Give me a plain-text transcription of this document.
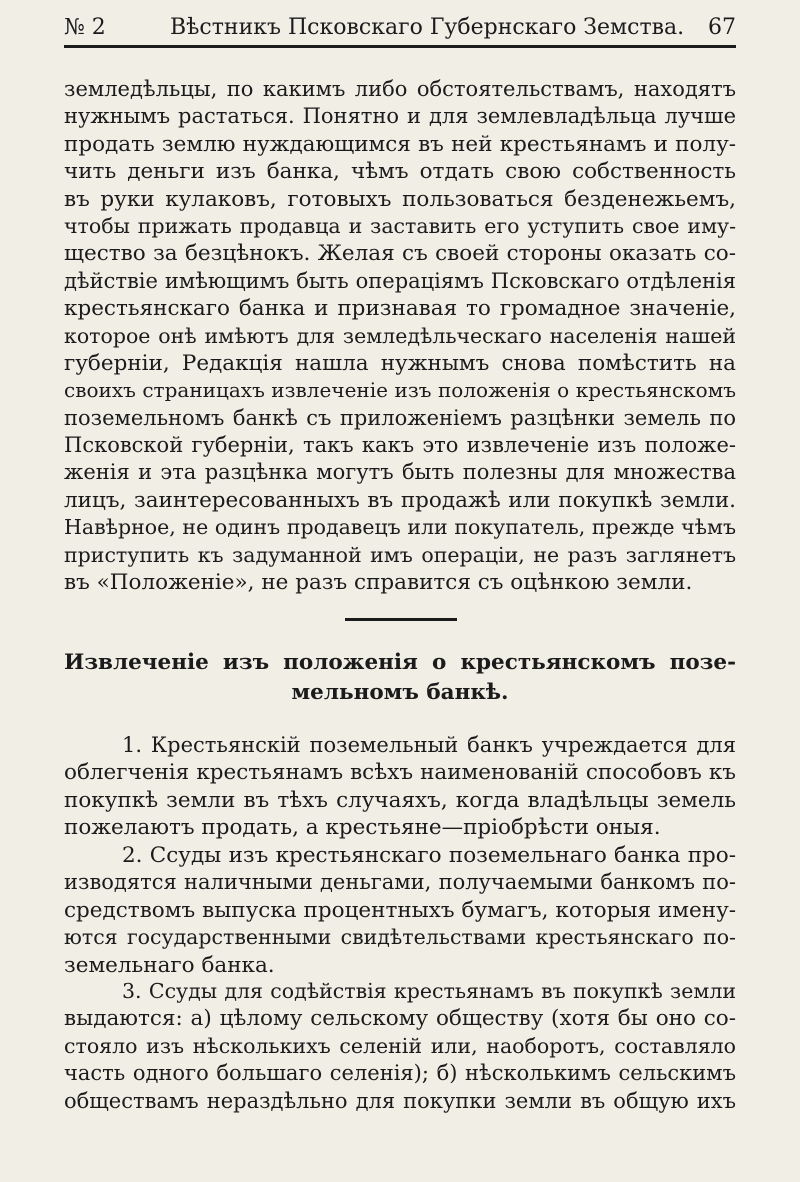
№ 2	Вѣстникъ Псковскаго Губернскаго Земства. 67
земледѣльцы, по какимъ либо обстоятельствамъ, находятъ
нужнымъ растаться. Понятно и для землевладѣльца лучше
продать землю нуждающимся въ ней крестьянамъ и полу-
чить деньги изъ банка, чѣмъ отдать свою собственность
въ руки кулаковъ, готовыхъ пользоваться безденежьемъ,
чтобы прижать продавца и заставить его уступить свое иму-
щество за безцѣнокъ. Желая съ своей стороны оказать со-
дѣйствіе имѣющимъ быть операціямъ Псковскаго отдѣленія
крестьянскаго банка и признавая то громадное значеніе,
которое онѣ имѣютъ для земледѣльческаго населенія нашей
губерніи, Редакція нашла нужнымъ снова помѣстить на
своихъ страницахъ извлеченіе изъ положенія о крестьянскомъ
поземельномъ банкѣ съ приложеніемъ разцѣнки земель по
Псковской губерніи, такъ какъ это извлеченіе изъ положе-
женія и эта разцѣнка могутъ быть полезны для множества
лицъ, заинтересованныхъ въ продажѣ или покупкѣ земли.
Навѣрное, не одинъ продавецъ или покупатель, прежде чѣмъ
приступить къ задуманной имъ операціи, не разъ заглянетъ
въ «Положеніе», не разъ справится съ оцѣнкою земли.
Извлеченіе изъ положенія о крестьянскомъ позе-
мельномъ банкѣ.
1. Крестьянскій поземельный банкъ учреждается для
облегченія крестьянамъ всѣхъ наименованій способовъ къ
покупкѣ земли въ тѣхъ случаяхъ, когда владѣльцы земель
пожелаютъ продать, а крестьяне—пріобрѣсти оныя.
2. Ссуды изъ крестьянскаго поземельнаго банка про-
изводятся наличными деньгами, получаемыми банкомъ по-
средствомъ выпуска процентныхъ бумагъ, которыя имену-
ются государственными свидѣтельствами крестьянскаго по-
земельнаго банка.
3. Ссуды для содѣйствія крестьянамъ въ покупкѣ земли
выдаются: а) цѣлому сельскому обществу (хотя бы оно со-
стояло изъ нѣсколькихъ селеній или, наоборотъ, составляло
часть одного большаго селенія); б) нѣсколькимъ сельскимъ
обществамъ нераздѣльно для покупки земли въ общую ихъ
